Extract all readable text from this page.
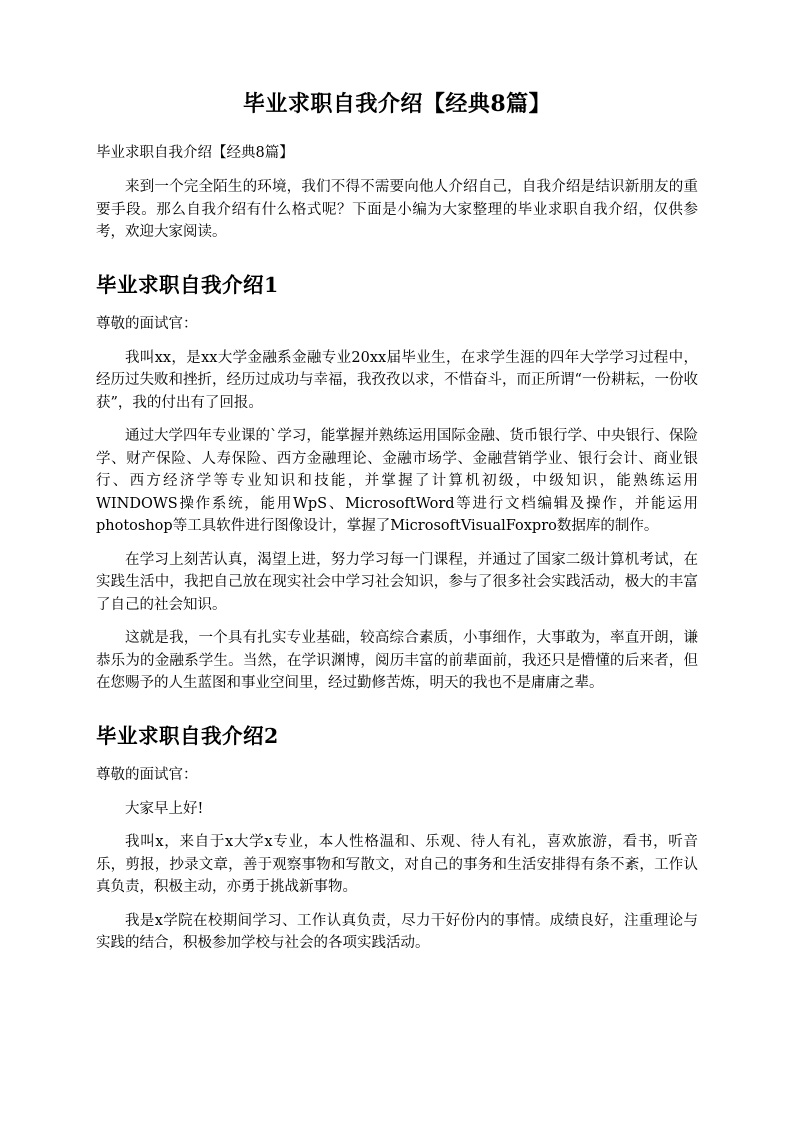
毕业求职自我介绍【经典8篇】

毕业求职自我介绍【经典8篇】

来到一个完全陌生的环境，我们不得不需要向他人介绍自己，自我介绍是结识新朋友的重要手段。那么自我介绍有什么格式呢？下面是小编为大家整理的毕业求职自我介绍，仅供参考，欢迎大家阅读。

毕业求职自我介绍1

尊敬的面试官：

我叫xx，是xx大学金融系金融专业20xx届毕业生，在求学生涯的四年大学学习过程中，经历过失败和挫折，经历过成功与幸福，我孜孜以求，不惜奋斗，而正所谓“一份耕耘，一份收获”，我的付出有了回报。

通过大学四年专业课的`学习，能掌握并熟练运用国际金融、货币银行学、中央银行、保险学、财产保险、人寿保险、西方金融理论、金融市场学、金融营销学业、银行会计、商业银行、西方经济学等专业知识和技能，并掌握了计算机初级，中级知识，能熟练运用WINDOWS操作系统，能用WpS、MicrosoftWord等进行文档编辑及操作，并能运用photoshop等工具软件进行图像设计，掌握了MicrosoftVisualFoxpro数据库的制作。

在学习上刻苦认真，渴望上进，努力学习每一门课程，并通过了国家二级计算机考试，在实践生活中，我把自己放在现实社会中学习社会知识，参与了很多社会实践活动，极大的丰富了自己的社会知识。

这就是我，一个具有扎实专业基础，较高综合素质，小事细作，大事敢为，率直开朗，谦恭乐为的金融系学生。当然，在学识渊博，阅历丰富的前辈面前，我还只是懵懂的后来者，但在您赐予的人生蓝图和事业空间里，经过勤修苦炼，明天的我也不是庸庸之辈。

毕业求职自我介绍2

尊敬的面试官：

大家早上好!

我叫x，来自于x大学x专业，本人性格温和、乐观、待人有礼，喜欢旅游，看书，听音乐，剪报，抄录文章，善于观察事物和写散文，对自己的事务和生活安排得有条不紊，工作认真负责，积极主动，亦勇于挑战新事物。

我是x学院在校期间学习、工作认真负责，尽力干好份内的事情。成绩良好，注重理论与实践的结合，积极参加学校与社会的各项实践活动。
